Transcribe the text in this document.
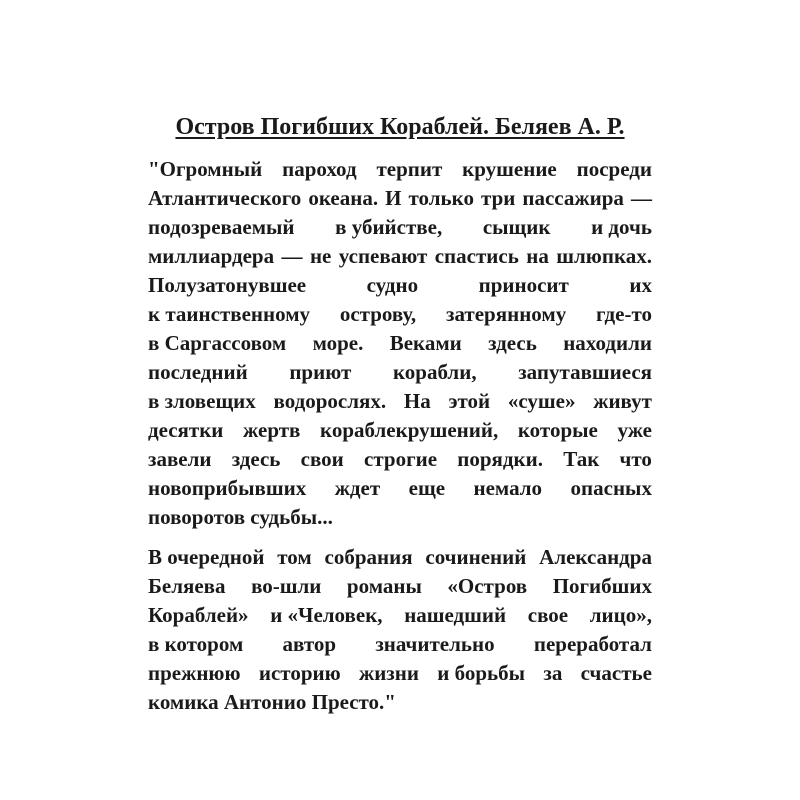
Остров Погибших Кораблей. Беляев А. Р.
"Огромный пароход терпит крушение посреди
Атлантического океана. И только три пассажира —
подозреваемый в убийстве, сыщик и дочь
миллиардера — не успевают спастись на шлюпках.
Полузатонувшее	судно	приносит	их
к таинственному острову, затерянному где-то
в Саргассовом море. Веками здесь находили
последний приют корабли, запутавшиеся
в зловещих водорослях. На этой «суше» живут
десятки жертв кораблекрушений, которые уже
завели здесь свои строгие порядки. Так что
новоприбывших ждет еще немало опасных
поворотов судьбы...
В очередной том собрания сочинений Александра
Беляева во-шли романы «Остров Погибших
Кораблей» и «Человек, нашедший свое лицо»,
в котором автор значительно переработал
прежнюю историю жизни и борьбы за счастье
комика Антонио Престо."
